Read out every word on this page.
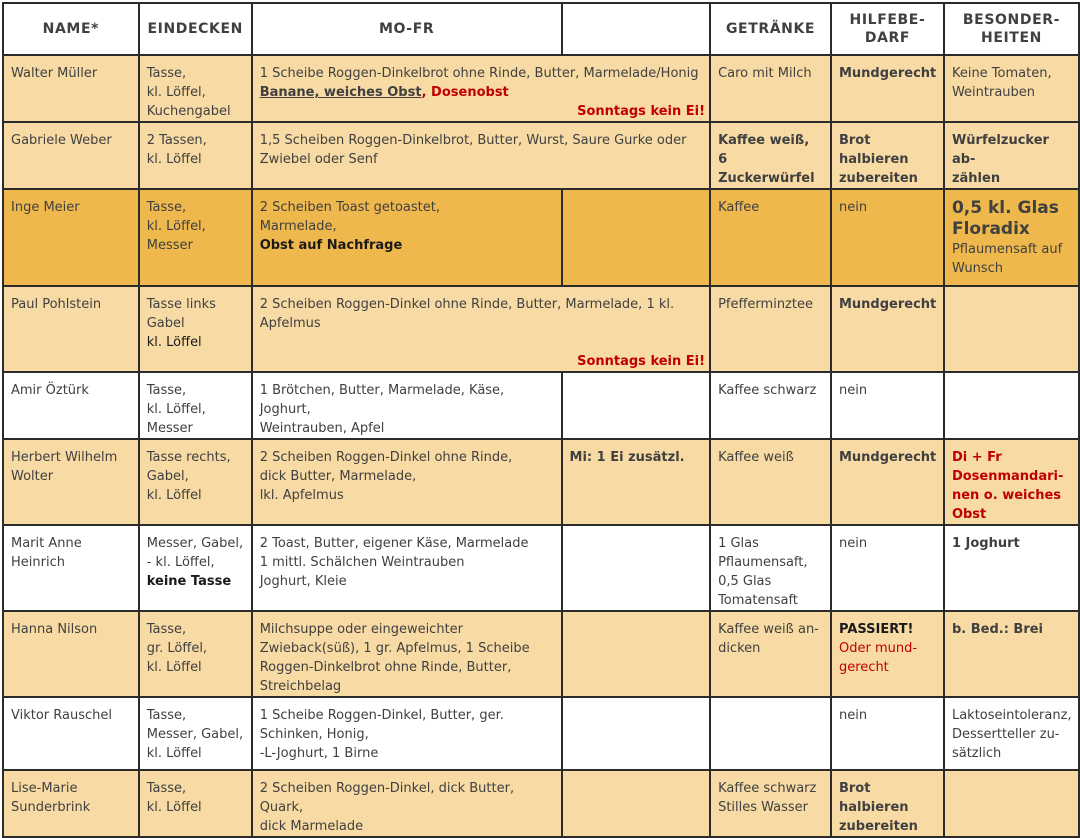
NAME*	EINDECKEN	MO-FR		GETRÄNKE	HILFEBE-
DARF	BESONDER-
HEITEN

Walter Müller	Tasse,
kl. Löffel,
Kuchengabel	1 Scheibe Roggen-Dinkelbrot ohne Rinde, Butter, Marmelade/Honig
Banane, weiches Obst, Dosenobst
Sonntags kein Ei!		Caro mit Milch	Mundgerecht	Keine Tomaten,
Weintrauben

Gabriele Weber	2 Tassen,
kl. Löffel	1,5 Scheiben Roggen-Dinkelbrot, Butter, Wurst, Saure Gurke oder
Zwiebel oder Senf		Kaffee weiß,
6 Zuckerwürfel	Brot halbieren
zubereiten	Würfelzucker ab-
zählen

Inge Meier	Tasse,
kl. Löffel,
Messer	2 Scheiben Toast getoastet,
Marmelade,
Obst auf Nachfrage		Kaffee	nein	0,5 kl. Glas
Floradix
Pflaumensaft auf
Wunsch

Paul Pohlstein	Tasse links
Gabel
kl. Löffel	2 Scheiben Roggen-Dinkel ohne Rinde, Butter, Marmelade, 1 kl.
Apfelmus
Sonntags kein Ei!		Pfefferminztee	Mundgerecht	
Amir Öztürk	Tasse,
kl. Löffel,
Messer	1 Brötchen, Butter, Marmelade, Käse, Joghurt,
Weintrauben, Apfel		Kaffee schwarz	nein	

Herbert Wilhelm
Wolter	Tasse rechts,
Gabel,
kl. Löffel	2 Scheiben Roggen-Dinkel ohne Rinde,
dick Butter, Marmelade,
lkl. Apfelmus	Mi: 1 Ei zusätzl.	Kaffee weiß	Mundgerecht	Di + Fr
Dosenmandari-
nen o. weiches
Obst

Marit Anne
Heinrich	Messer, Gabel,
- kl. Löffel,
keine Tasse	2 Toast, Butter, eigener Käse, Marmelade
1 mittl. Schälchen Weintrauben
Joghurt, Kleie		1 Glas
Pflaumensaft,
0,5 Glas
Tomatensaft	nein	1 Joghurt
Hanna Nilson	Tasse,
gr. Löffel,
kl. Löffel	Milchsuppe oder eingeweichter
Zwieback(süß), 1 gr. Apfelmus, 1 Scheibe
Roggen-Dinkelbrot ohne Rinde, Butter,
Streichbelag		Kaffee weiß an-
dicken	PASSIERT!
Oder mund-
gerecht	b. Bed.: Brei
Viktor Rauschel	Tasse,
Messer, Gabel,
kl. Löffel	1 Scheibe Roggen-Dinkel, Butter, ger.
Schinken, Honig,
-L-Joghurt, 1 Birne			nein	Laktoseintoleranz,
Dessertteller zu-
sätzlich

Lise-Marie
Sunderbrink	Tasse,
kl. Löffel	2 Scheiben Roggen-Dinkel, dick Butter, Quark,
dick Marmelade		Kaffee schwarz
Stilles Wasser	Brot halbieren
zubereiten	
